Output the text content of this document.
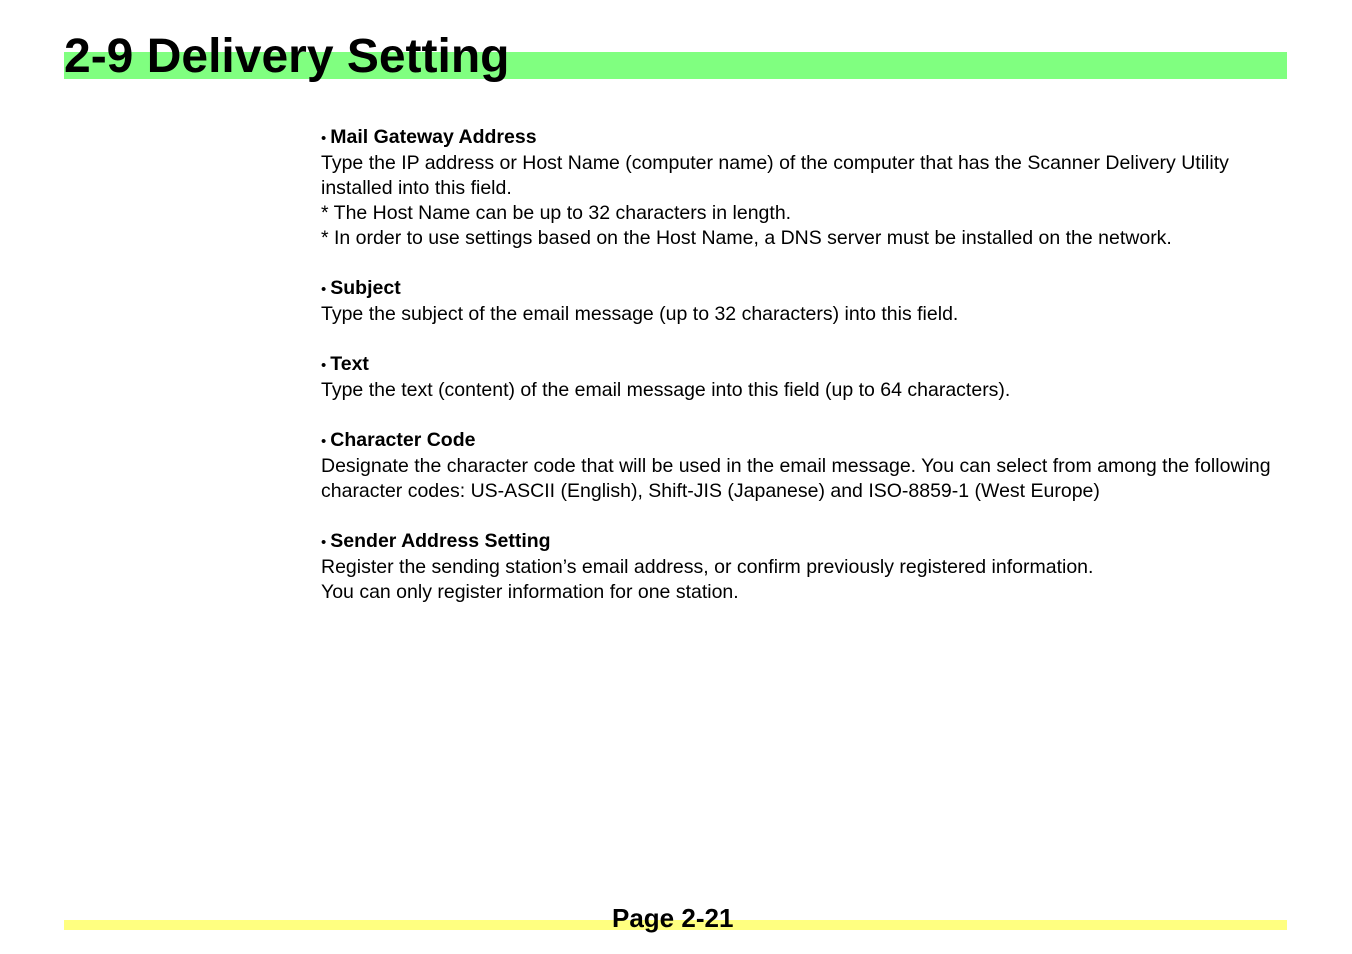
2-9 Delivery Setting
• Mail Gateway Address

Type the IP address or Host Name (computer name) of the computer that has the Scanner Delivery Utility installed into this field.

* The Host Name can be up to 32 characters in length.

* In order to use settings based on the Host Name, a DNS server must be installed on the network.

• Subject

Type the subject of the email message (up to 32 characters) into this field.

• Text

Type the text (content) of the email message into this field (up to 64 characters).

• Character Code

Designate the character code that will be used in the email message. You can select from among the following character codes: US-ASCII (English), Shift-JIS (Japanese) and ISO-8859-1 (West Europe)

• Sender Address Setting

Register the sending station’s email address, or confirm previously registered information.

You can only register information for one station.

Page 2-21
